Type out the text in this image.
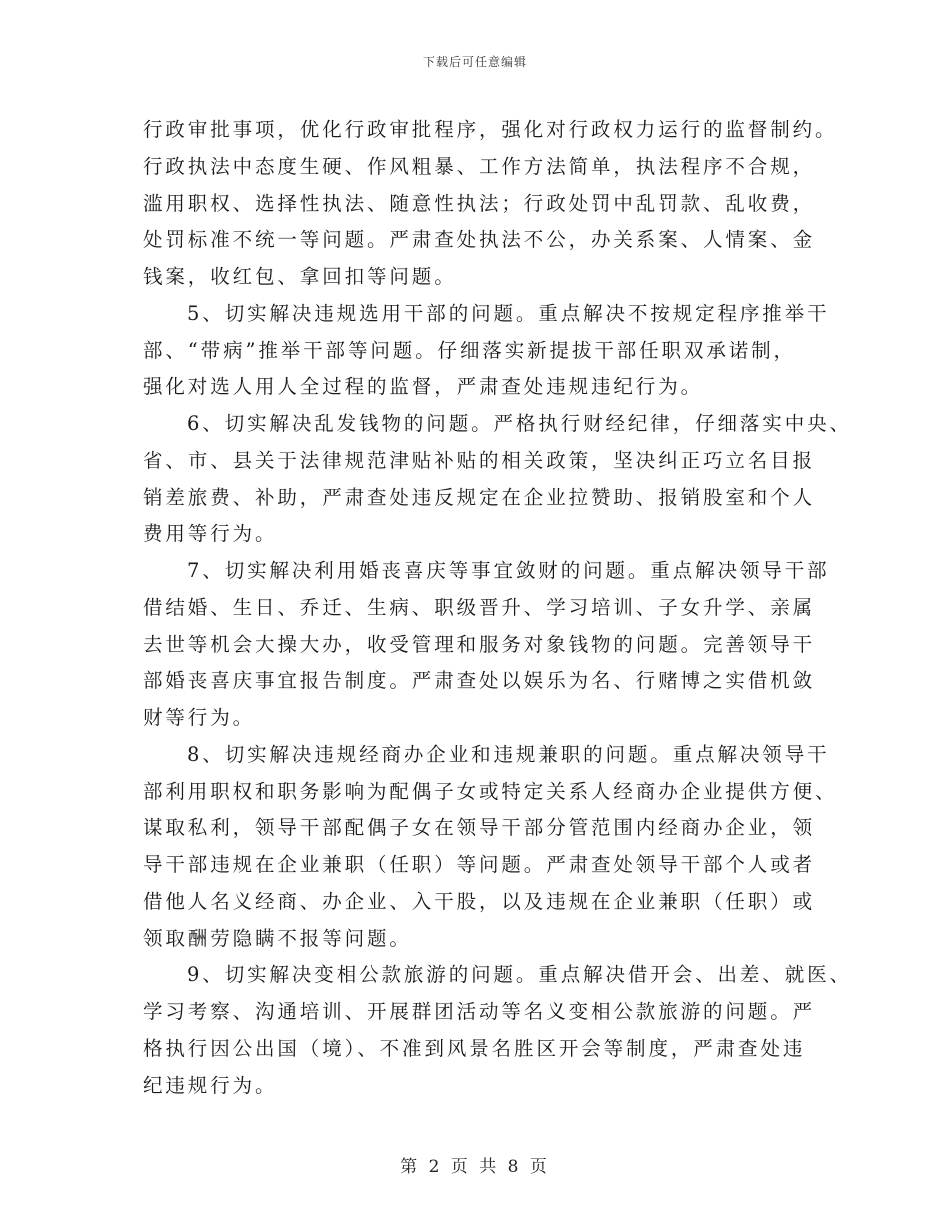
下载后可任意编辑
行政审批事项，优化行政审批程序，强化对行政权力运行的监督制约。
行政执法中态度生硬、作风粗暴、工作方法简单，执法程序不合规，
滥用职权、选择性执法、随意性执法；行政处罚中乱罚款、乱收费，
处罚标准不统一等问题。严肃查处执法不公，办关系案、人情案、金
钱案，收红包、拿回扣等问题。
5、切实解决违规选用干部的问题。重点解决不按规定程序推举干
部、“带病”推举干部等问题。仔细落实新提拔干部任职双承诺制，
强化对选人用人全过程的监督，严肃查处违规违纪行为。
6、切实解决乱发钱物的问题。严格执行财经纪律，仔细落实中央、
省、市、县关于法律规范津贴补贴的相关政策，坚决纠正巧立名目报
销差旅费、补助，严肃查处违反规定在企业拉赞助、报销股室和个人
费用等行为。
7、切实解决利用婚丧喜庆等事宜敛财的问题。重点解决领导干部
借结婚、生日、乔迁、生病、职级晋升、学习培训、子女升学、亲属
去世等机会大操大办，收受管理和服务对象钱物的问题。完善领导干
部婚丧喜庆事宜报告制度。严肃查处以娱乐为名、行赌博之实借机敛
财等行为。
8、切实解决违规经商办企业和违规兼职的问题。重点解决领导干
部利用职权和职务影响为配偶子女或特定关系人经商办企业提供方便、
谋取私利，领导干部配偶子女在领导干部分管范围内经商办企业，领
导干部违规在企业兼职（任职）等问题。严肃查处领导干部个人或者
借他人名义经商、办企业、入干股，以及违规在企业兼职（任职）或
领取酬劳隐瞒不报等问题。
9、切实解决变相公款旅游的问题。重点解决借开会、出差、就医、
学习考察、沟通培训、开展群团活动等名义变相公款旅游的问题。严
格执行因公出国（境）、不准到风景名胜区开会等制度，严肃查处违
纪违规行为。
第 2 页 共 8 页
